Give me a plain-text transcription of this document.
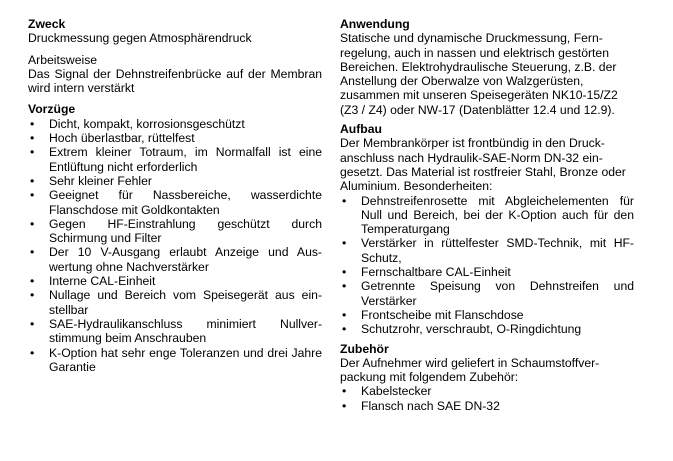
Zweck

Druckmessung gegen Atmosphärendruck

Arbeitsweise

Das Signal der Dehnstreifenbrücke auf der Membran wird intern verstärkt

Vorzüge

• Dicht, kompakt, korrosionsgeschützt
• Hoch überlastbar, rüttelfest
• Extrem kleiner Totraum, im Normalfall ist eine Entlüftung nicht erforderlich
• Sehr kleiner Fehler
• Geeignet für Nassbereiche, wasserdichte Flanschdose mit Goldkontakten
• Gegen HF-Einstrahlung geschützt durch Schirmung und Filter
• Der 10 V-Ausgang erlaubt Anzeige und Aus-wertung ohne Nachverstärker
• Interne CAL-Einheit
• Nullage und Bereich vom Speisegerät aus ein-stellbar
• SAE-Hydraulikanschluss minimiert Nullver-stimmung beim Anschrauben
• K-Option hat sehr enge Toleranzen und drei Jahre Garantie

Anwendung

Statische und dynamische Druckmessung, Fern-regelung, auch in nassen und elektrisch gestörten Bereichen. Elektrohydraulische Steuerung, z.B. der Anstellung der Oberwalze von Walzgerüsten, zusammen mit unseren Speisegeräten NK10-15/Z2 (Z3 / Z4) oder NW-17 (Datenblätter 12.4 und 12.9).

Aufbau

Der Membrankörper ist frontbündig in den Druck-anschluss nach Hydraulik-SAE-Norm DN-32 ein-gesetzt. Das Material ist rostfreier Stahl, Bronze oder Aluminium. Besonderheiten:

• Dehnstreifenrosette mit Abgleichelementen für Null und Bereich, bei der K-Option auch für den Temperaturgang
• Verstärker in rüttelfester SMD-Technik, mit HF-Schutz,
• Fernschaltbare CAL-Einheit
• Getrennte Speisung von Dehnstreifen und Verstärker
• Frontscheibe mit Flanschdose
• Schutzrohr, verschraubt, O-Ringdichtung

Zubehör

Der Aufnehmer wird geliefert in Schaumstoffver-packung mit folgendem Zubehör:

• Kabelstecker
• Flansch nach SAE DN-32
